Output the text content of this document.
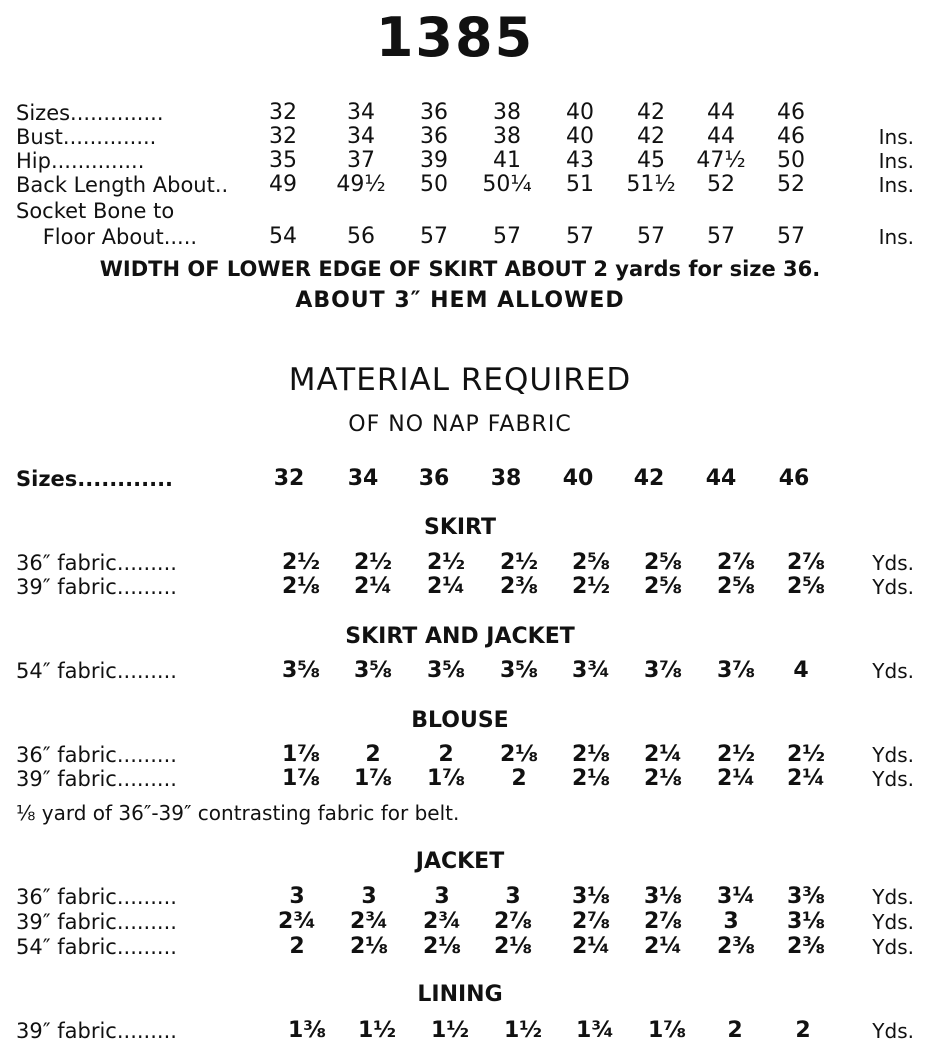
1385
Sizes..............	32	34	36	38	40	42	44	46
Bust..............	32	34	36	38	40	42	44	46	Ins.
Hip..............	35	37	39	41	43	45	47½	50	Ins.
Back Length About..	49	49½	50	50¼	51	51½	52	52	Ins.
Socket Bone to
Floor About.....	54	56	57	57	57	57	57	57	Ins.
WIDTH OF LOWER EDGE OF SKIRT ABOUT 2 yards for size 36.
ABOUT 3″ HEM ALLOWED
MATERIAL REQUIRED
OF NO NAP FABRIC
Sizes............	32	34	36	38	40	42	44	46
SKIRT
36″ fabric.........	2½	2½	2½	2½	2⅝	2⅝	2⅞	2⅞	Yds.
39″ fabric.........	2⅛	2¼	2¼	2⅜	2½	2⅝	2⅝	2⅝	Yds.
SKIRT AND JACKET
54″ fabric.........	3⅝	3⅝	3⅝	3⅝	3¾	3⅞	3⅞	4	Yds.
BLOUSE
36″ fabric.........	1⅞	2	2	2⅛	2⅛	2¼	2½	2½	Yds.
39″ fabric.........	1⅞	1⅞	1⅞	2	2⅛	2⅛	2¼	2¼	Yds.
⅛ yard of 36″-39″ contrasting fabric for belt.
JACKET
36″ fabric.........	3	3	3	3	3⅛	3⅛	3¼	3⅜	Yds.
39″ fabric.........	2¾	2¾	2¾	2⅞	2⅞	2⅞	3	3⅛	Yds.
54″ fabric.........	2	2⅛	2⅛	2⅛	2¼	2¼	2⅜	2⅜	Yds.
LINING
39″ fabric.........	1⅜	1½	1½	1½	1¾	1⅞	2	2	Yds.
